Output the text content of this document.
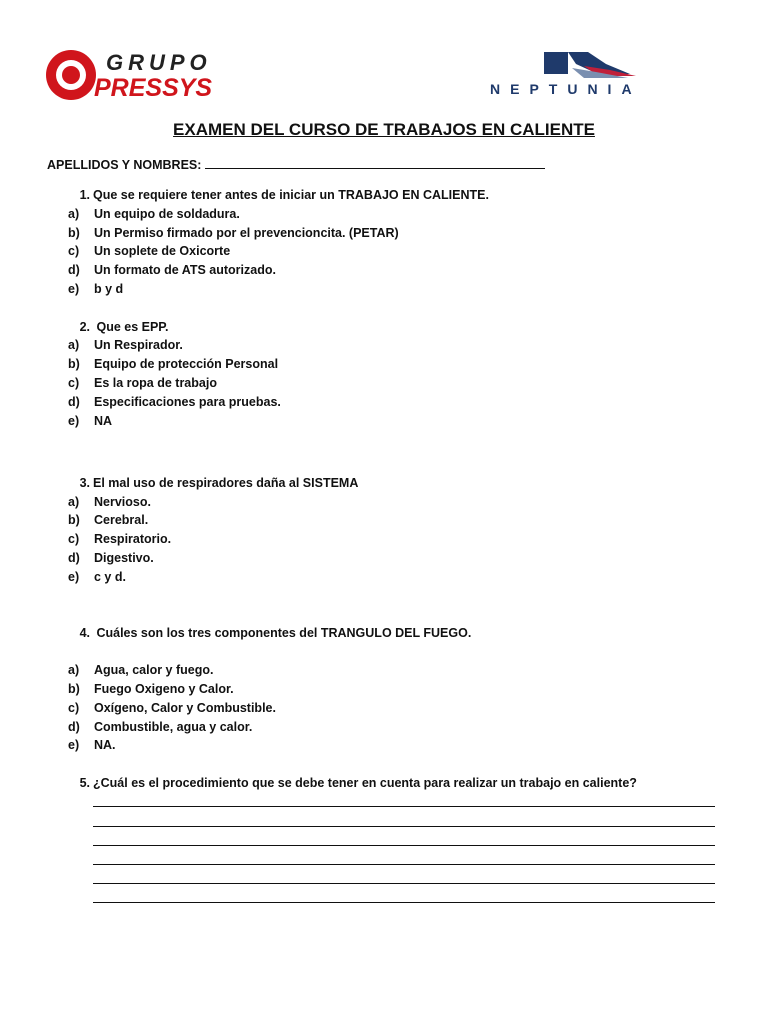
GRUPO
PRESSYS	NEPTUNIA
EXAMEN DEL CURSO DE TRABAJOS EN CALIENTE
APELLIDOS Y NOMBRES:
1. Que se requiere tener antes de iniciar un TRABAJO EN CALIENTE.
a) Un equipo de soldadura.
b) Un Permiso firmado por el prevencioncita. (PETAR)
c) Un soplete de Oxicorte
d) Un formato de ATS autorizado.
e) b y d
2. Que es EPP.
a) Un Respirador.
b) Equipo de protección Personal
c) Es la ropa de trabajo
d) Especificaciones para pruebas.
e) NA
3. El mal uso de respiradores daña al SISTEMA
a) Nervioso.
b) Cerebral.
c) Respiratorio.
d) Digestivo.
e) c y d.
4. Cuáles son los tres componentes del TRANGULO DEL FUEGO.
a) Agua, calor y fuego.
b) Fuego Oxigeno y Calor.
c) Oxígeno, Calor y Combustible.
d) Combustible, agua y calor.
e) NA.
5. ¿Cuál es el procedimiento que se debe tener en cuenta para realizar un trabajo en caliente?
